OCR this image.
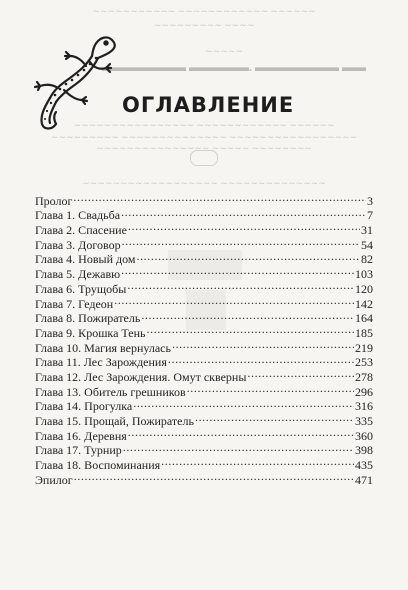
∼∼∼∼∼∼∼∼∼∼∼ ∼∼∼∼∼∼∼∼∼∼∼∼ ∼∼∼∼∼∼
∼∼∼∼∼∼∼∼∼ ∼∼∼∼
∼∼∼∼∼
▬▬▬▬▬▬▬ ▬▬▬▬▬. ▬▬▬▬▬▬▬ ▬▬
∼∼∼∼∼∼∼∼∼∼∼∼∼∼∼∼ ∼∼∼∼∼∼∼∼∼∼∼∼ ∼∼∼∼∼∼
∼∼∼∼∼∼∼∼∼ ∼∼∼∼∼∼∼∼∼∼∼∼∼∼ ∼∼∼∼∼∼∼∼∼∼∼∼∼∼∼∼∼
∼∼∼∼∼∼∼∼∼∼∼∼∼∼∼ ∼∼∼∼∼ ∼∼∼∼∼∼∼∼
∼∼∼∼∼∼∼∼∼∼∼∼∼∼∼∼∼∼ ∼∼∼∼∼∼∼∼∼∼∼∼∼∼
ОГЛАВЛЕНИЕ
Пролог .....	3
Глава 1. Свадьба .....	7
Глава 2. Спасение .....	31
Глава 3. Договор .....	54
Глава 4. Новый дом .....	82
Глава 5. Дежавю .....	103
Глава 6. Трущобы .....	120
Глава 7. Гедеон .....	142
Глава 8. Пожиратель .....	164
Глава 9. Крошка Тень .....	185
Глава 10. Магия вернулась .....	219
Глава 11. Лес Зарождения .....	253
Глава 12. Лес Зарождения. Омут скверны .....	278
Глава 13. Обитель грешников .....	296
Глава 14. Прогулка .....	316
Глава 15. Прощай, Пожиратель .....	335
Глава 16. Деревня .....	360
Глава 17. Турнир .....	398
Глава 18. Воспоминания .....	435
Эпилог .....	471
